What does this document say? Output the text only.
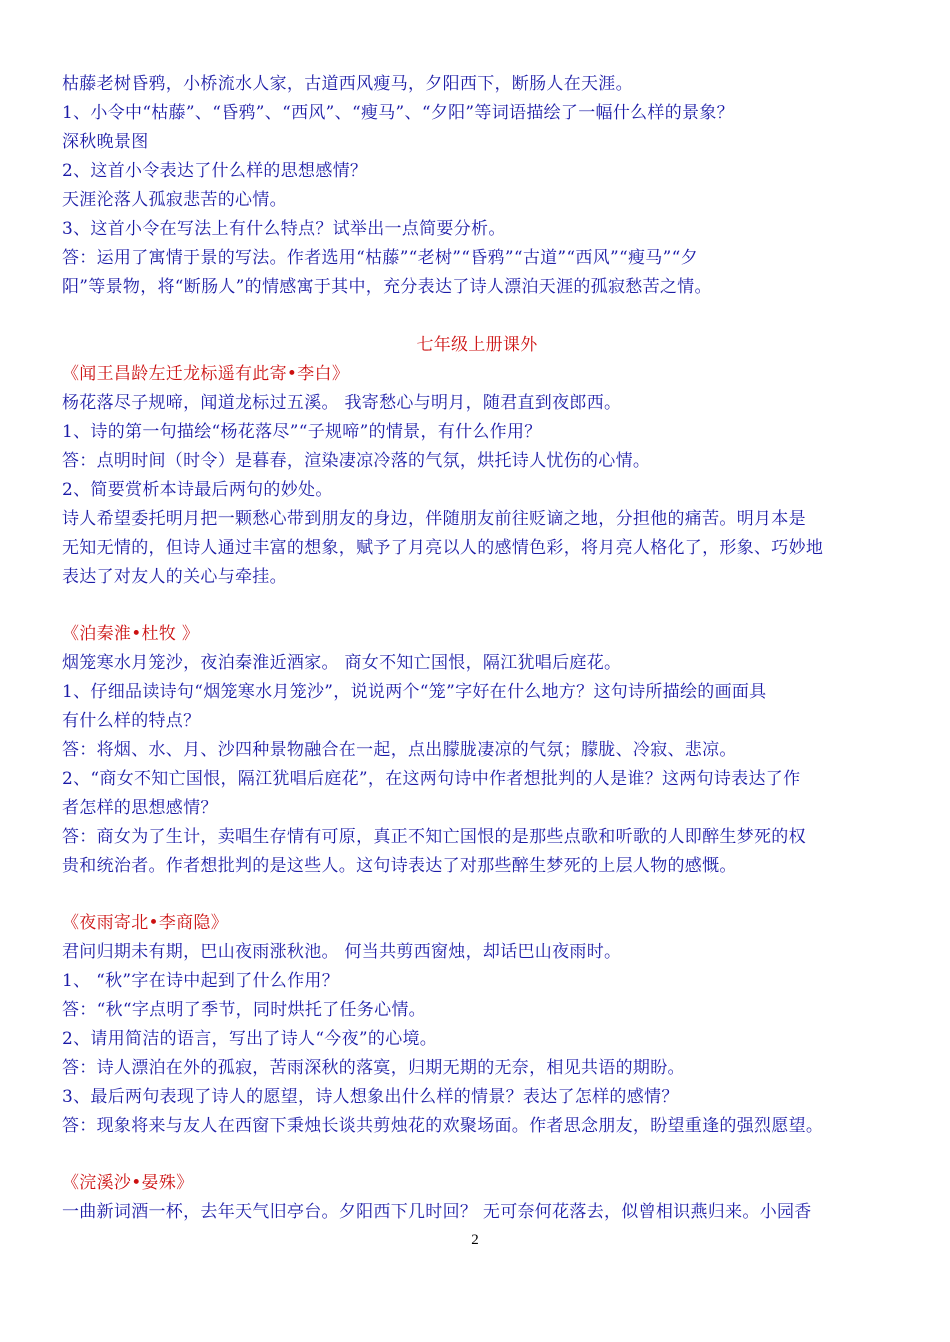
枯藤老树昏鸦，小桥流水人家，古道西风瘦马，夕阳西下，断肠人在天涯。
1、小令中“枯藤”、“昏鸦”、“西风”、“瘦马”、“夕阳”等词语描绘了一幅什么样的景象？
深秋晚景图
2、这首小令表达了什么样的思想感情？
天涯沦落人孤寂悲苦的心情。
3、这首小令在写法上有什么特点？试举出一点简要分析。
答：运用了寓情于景的写法。作者选用“枯藤”“老树”“昏鸦”“古道”“西风”“瘦马”“夕
阳”等景物，将“断肠人”的情感寓于其中，充分表达了诗人漂泊天涯的孤寂愁苦之情。
七年级上册课外
《闻王昌龄左迁龙标遥有此寄•李白》
杨花落尽子规啼，闻道龙标过五溪。 我寄愁心与明月，随君直到夜郎西。
1、诗的第一句描绘“杨花落尽”“子规啼”的情景，有什么作用？
答：点明时间（时令）是暮春，渲染凄凉冷落的气氛，烘托诗人忧伤的心情。
2、简要赏析本诗最后两句的妙处。
诗人希望委托明月把一颗愁心带到朋友的身边，伴随朋友前往贬谪之地，分担他的痛苦。明月本是
无知无情的，但诗人通过丰富的想象，赋予了月亮以人的感情色彩，将月亮人格化了，形象、巧妙地
表达了对友人的关心与牵挂。
《泊秦淮•杜牧 》
烟笼寒水月笼沙，夜泊秦淮近酒家。 商女不知亡国恨，隔江犹唱后庭花。
1、仔细品读诗句“烟笼寒水月笼沙”，说说两个“笼”字好在什么地方？这句诗所描绘的画面具
有什么样的特点？
答：将烟、水、月、沙四种景物融合在一起，点出朦胧凄凉的气氛；朦胧、冷寂、悲凉。
2、“商女不知亡国恨，隔江犹唱后庭花”，在这两句诗中作者想批判的人是谁？这两句诗表达了作
者怎样的思想感情？
答：商女为了生计，卖唱生存情有可原，真正不知亡国恨的是那些点歌和听歌的人即醉生梦死的权
贵和统治者。作者想批判的是这些人。这句诗表达了对那些醉生梦死的上层人物的感慨。
《夜雨寄北•李商隐》
君问归期未有期，巴山夜雨涨秋池。 何当共剪西窗烛，却话巴山夜雨时。
1、 “秋”字在诗中起到了什么作用？
答：“秋“字点明了季节，同时烘托了任务心情。
2、请用简洁的语言，写出了诗人“今夜”的心境。
答：诗人漂泊在外的孤寂，苦雨深秋的落寞，归期无期的无奈，相见共语的期盼。
3、最后两句表现了诗人的愿望，诗人想象出什么样的情景？表达了怎样的感情？
答：现象将来与友人在西窗下秉烛长谈共剪烛花的欢聚场面。作者思念朋友，盼望重逢的强烈愿望。
《浣溪沙•晏殊》
一曲新词酒一杯，去年天气旧亭台。夕阳西下几时回？ 无可奈何花落去，似曾相识燕归来。小园香
2
